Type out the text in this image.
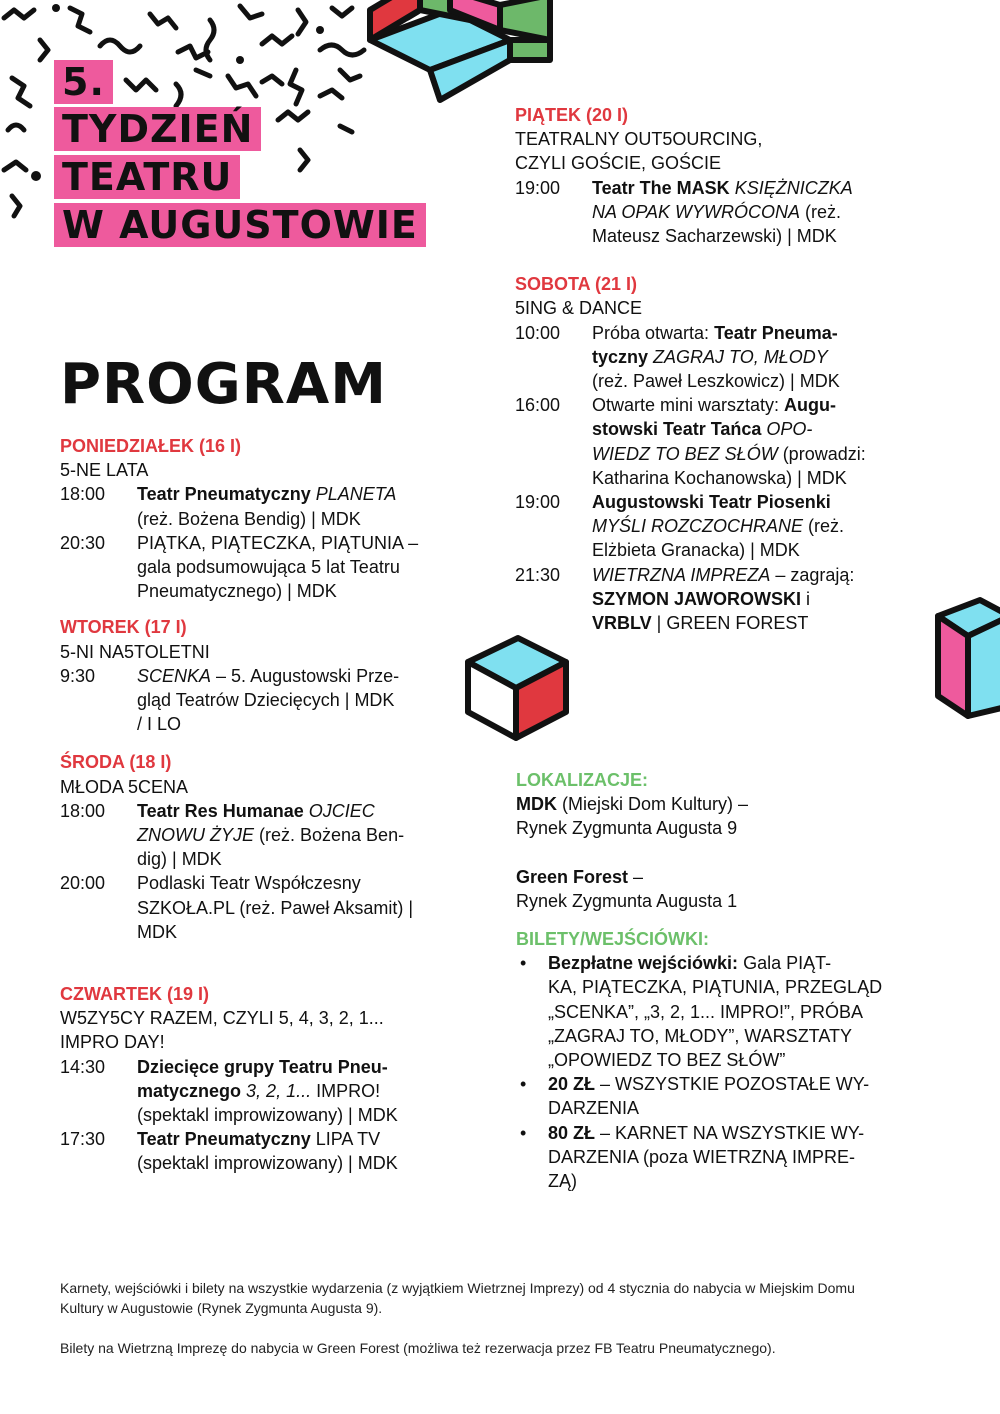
5.
TYDZIEŃ
TEATRU
W AUGUSTOWIE
PROGRAM
PONIEDZIAŁEK (16 I)
5-NE LATA
18:00	Teatr Pneumatyczny PLANETA
(reż. Bożena Bendig) | MDK
20:30	PIĄTKA, PIĄTECZKA, PIĄTUNIA –
gala podsumowująca 5 lat Teatru
Pneumatycznego) | MDK
WTOREK (17 I)
5-NI NA5TOLETNI
9:30	SCENKA – 5. Augustowski Prze-
gląd Teatrów Dziecięcych | MDK
/ I LO
ŚRODA (18 I)
MŁODA 5CENA
18:00	Teatr Res Humanae OJCIEC
ZNOWU ŻYJE (reż. Bożena Ben-
dig) | MDK
20:00	Podlaski Teatr Współczesny
SZKOŁA.PL (reż. Paweł Aksamit) |
MDK
CZWARTEK (19 I)
W5ZY5CY RAZEM, CZYLI 5, 4, 3, 2, 1...
IMPRO DAY!
14:30	Dziecięce grupy Teatru Pneu-
matycznego 3, 2, 1... IMPRO!
(spektakl improwizowany) | MDK
17:30	Teatr Pneumatyczny LIPA TV
(spektakl improwizowany) | MDK
PIĄTEK (20 I)
TEATRALNY OUT5OURCING,
CZYLI GOŚCIE, GOŚCIE
19:00	Teatr The MASK KSIĘŻNICZKA
NA OPAK WYWRÓCONA (reż.
Mateusz Sacharzewski) | MDK
SOBOTA (21 I)
5ING & DANCE
10:00	Próba otwarta: Teatr Pneuma-
tyczny ZAGRAJ TO, MŁODY
(reż. Paweł Leszkowicz) | MDK
16:00	Otwarte mini warsztaty: Augu-
stowski Teatr Tańca OPO-
WIEDZ TO BEZ SŁÓW (prowadzi:
Katharina Kochanowska) | MDK
19:00	Augustowski Teatr Piosenki
MYŚLI ROZCZOCHRANE (reż.
Elżbieta Granacka) | MDK
21:30	WIETRZNA IMPREZA – zagrają:
SZYMON JAWOROWSKI i
VRBLV | GREEN FOREST
LOKALIZACJE:
MDK (Miejski Dom Kultury) –
Rynek Zygmunta Augusta 9
Green Forest –
Rynek Zygmunta Augusta 1
BILETY/WEJŚCIÓWKI:
•	Bezpłatne wejściówki: Gala PIĄT-
KA, PIĄTECZKA, PIĄTUNIA, PRZEGLĄD
„SCENKA”, „3, 2, 1... IMPRO!”, PRÓBA
„ZAGRAJ TO, MŁODY”, WARSZTATY
„OPOWIEDZ TO BEZ SŁÓW”
•	20 ZŁ – WSZYSTKIE POZOSTAŁE WY-
DARZENIA
•	80 ZŁ – KARNET NA WSZYSTKIE WY-
DARZENIA (poza WIETRZNĄ IMPRE-
ZĄ)
Karnety, wejściówki i bilety na wszystkie wydarzenia (z wyjątkiem Wietrznej Imprezy) od 4 stycznia do nabycia w Miejskim Domu
Kultury w Augustowie (Rynek Zygmunta Augusta 9).
Bilety na Wietrzną Imprezę do nabycia w Green Forest (możliwa też rezerwacja przez FB Teatru Pneumatycznego).
